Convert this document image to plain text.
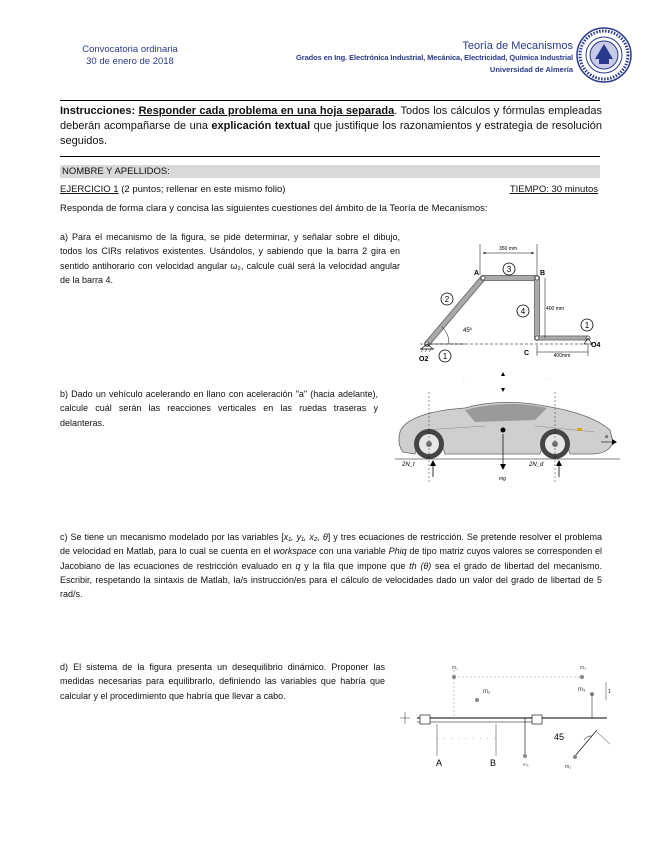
Convocatoria ordinaria
30 de enero de 2018
Teoría de Mecanismos
Grados en Ing. Electrónica Industrial, Mecánica, Electricidad, Química Industrial
Universidad de Almería
Instrucciones: Responder cada problema en una hoja separada. Todos los cálculos y fórmulas empleadas deberán acompañarse de una explicación textual que justifique los razonamientos y estrategia de resolución seguidos.
NOMBRE Y APELLIDOS:
EJERCICIO 1 (2 puntos; rellenar en este mismo folio)	TIEMPO: 30 minutos
Responda de forma clara y concisa las siguientes cuestiones del ámbito de la Teoría de Mecanismos:
a) Para el mecanismo de la figura, se pide determinar, y señalar sobre el dibujo, todos los CIRs relativos existentes. Usándolos, y sabiendo que la barra 2 gira en sentido antihorario con velocidad angular ω₂, calcule cuál será la velocidad angular de la barra 4.
350 mm
45º
400 mm
400mm
A	B
C
O2
O4
1
1
2
3
4
b) Dado un vehículo acelerando en llano con aceleración "a" (hacia adelante), calcule cuál serán las reacciones verticales en las ruedas traseras y delanteras.
· ·	· ·
mg
2N_t	2N_d
a
c) Se tiene un mecanismo modelado por las variables [x₁, y₁, x₂, θ] y tres ecuaciones de restricción. Se pretende resolver el problema de velocidad en Matlab, para lo cual se cuenta en el workspace con una variable Phiq de tipo matriz cuyos valores se corresponden el Jacobiano de las ecuaciones de restricción evaluado en q y la fila que impone que th (θ) sea el grado de libertad del mecanismo. Escribir, respetando la sintaxis de Matlab, la/s instrucción/es para el cálculo de velocidades dado un valor del grado de libertad de 5 rad/s.
d) El sistema de la figura presenta un desequilibrio dinámico. Proponer las medidas necesarias para equilibrarlo, definiendo las variables que habría que calcular y el procedimiento que habría que llevar a cabo.
m₁	m₃
m₂	m₃	1
m₄
· · · · · · · · ·
m₂
45
A	B
